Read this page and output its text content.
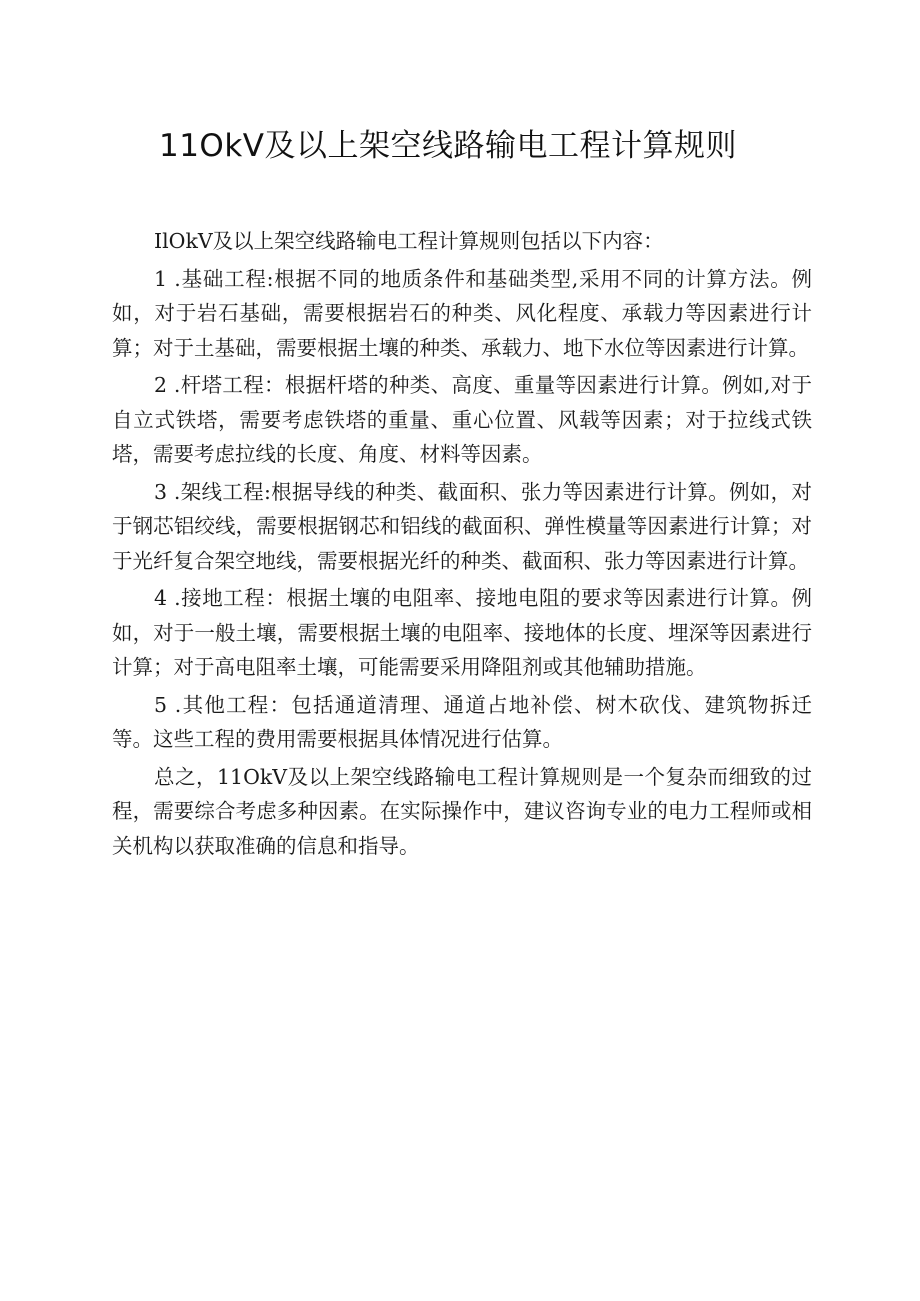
11OkV及以上架空线路输电工程计算规则

IlOkV及以上架空线路输电工程计算规则包括以下内容：

1 .基础工程:根据不同的地质条件和基础类型,采用不同的计算方法。例如，对于岩石基础，需要根据岩石的种类、风化程度、承载力等因素进行计算；对于土基础，需要根据土壤的种类、承载力、地下水位等因素进行计算。

2 .杆塔工程：根据杆塔的种类、高度、重量等因素进行计算。例如,对于自立式铁塔，需要考虑铁塔的重量、重心位置、风载等因素；对于拉线式铁塔，需要考虑拉线的长度、角度、材料等因素。

3 .架线工程:根据导线的种类、截面积、张力等因素进行计算。例如，对于钢芯铝绞线，需要根据钢芯和铝线的截面积、弹性模量等因素进行计算；对于光纤复合架空地线，需要根据光纤的种类、截面积、张力等因素进行计算。

4 .接地工程：根据土壤的电阻率、接地电阻的要求等因素进行计算。例如，对于一般土壤，需要根据土壤的电阻率、接地体的长度、埋深等因素进行计算；对于高电阻率土壤，可能需要采用降阻剂或其他辅助措施。

5 .其他工程：包括通道清理、通道占地补偿、树木砍伐、建筑物拆迁等。这些工程的费用需要根据具体情况进行估算。

总之，11OkV及以上架空线路输电工程计算规则是一个复杂而细致的过程，需要综合考虑多种因素。在实际操作中，建议咨询专业的电力工程师或相关机构以获取准确的信息和指导。
